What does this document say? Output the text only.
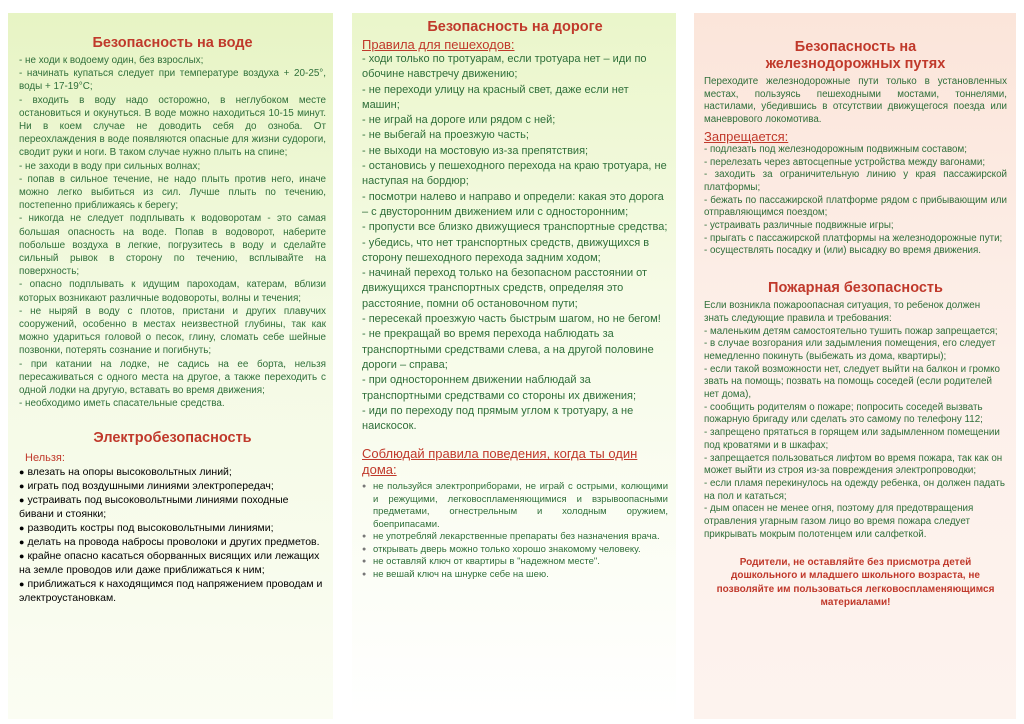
Безопасность на воде
- не ходи к водоему один, без взрослых;
- начинать купаться следует при температуре воздуха + 20-25°, воды + 17-19°С;
- входить в воду надо осторожно, в неглубоком месте остановиться и окунуться. В воде можно находиться 10-15 минут. Ни в коем случае не доводить себя до озноба. От переохлаждения в воде появляются опасные для жизни судороги, сводит руки и ноги. В таком случае нужно плыть на спине;
- не заходи в воду при сильных волнах;
- попав в сильное течение, не надо плыть против него, иначе можно легко выбиться из сил. Лучше плыть по течению, постепенно приближаясь к берегу;
- никогда не следует подплывать к водоворотам - это самая большая опасность на воде. Попав в водоворот, наберите побольше воздуха в легкие, погрузитесь в воду и сделайте сильный рывок в сторону по течению, всплывайте на поверхность;
- опасно подплывать к идущим пароходам, катерам, вблизи которых возникают различные водовороты, волны и течения;
- не ныряй в воду с плотов, пристани и других плавучих сооружений, особенно в местах неизвестной глубины, так как можно удариться головой о песок, глину, сломать себе шейные позвонки, потерять сознание и погибнуть;
- при катании на лодке, не садись на ее борта, нельзя пересаживаться с одного места на другое, а также переходить с одной лодки на другую, вставать во время движения;
- необходимо иметь спасательные средства.
Электробезопасность
Нельзя:
● влезать на опоры высоковольтных линий;
● играть под воздушными линиями электропередач;
● устраивать под высоковольтными линиями походные бивани и стоянки;
● разводить костры под высоковольтными линиями;
● делать на провода набросы проволоки и других предметов.
● крайне опасно касаться оборванных висящих или лежащих на земле проводов или даже приближаться к ним;
● приближаться к находящимся под напряжением проводам и электроустановкам.
Безопасность на дороге
Правила для пешеходов:
- ходи только по тротуарам, если тротуара нет – иди по обочине навстречу движению;
- не переходи улицу на красный свет, даже если нет машин;
- не играй на дороге или рядом с ней;
- не выбегай на проезжую часть;
- не выходи на мостовую из-за препятствия;
- остановись у пешеходного перехода на краю тротуара, не наступая на бордюр;
- посмотри налево и направо и определи: какая это дорога – с двусторонним движением или с односторонним;
- пропусти все близко движущиеся транспортные средства;
- убедись, что нет транспортных средств, движущихся в сторону пешеходного перехода задним ходом;
- начинай переход только на безопасном расстоянии от движущихся транспортных средств, определяя это расстояние, помни об остановочном пути;
- пересекай проезжую часть быстрым шагом, но не бегом!
- не прекращай во время перехода наблюдать за транспортными средствами слева, а на другой половине дороги – справа;
- при одностороннем движении наблюдай за транспортными средствами со стороны их движения;
- иди по переходу под прямым углом к тротуару, а не наискосок.
Соблюдай правила поведения, когда ты один дома:
● не пользуйся электроприборами, не играй с острыми, колющими и режущими, легковоспламеняющимися и взрывоопасными предметами, огнестрельным и холодным оружием, боеприпасами.
● не употребляй лекарственные препараты без назначения врача.
● открывать дверь можно только хорошо знакомому человеку.
● не оставляй ключ от квартиры в "надежном месте".
● не вешай ключ на шнурке себе на шею.
Безопасность на железнодорожных путях
Переходите железнодорожные пути только в установленных местах, пользуясь пешеходными мостами, тоннелями, настилами, убедившись в отсутствии движущегося поезда или маневрового локомотива.
Запрещается:
- подлезать под железнодорожным подвижным составом;
- перелезать через автосцепные устройства между вагонами;
- заходить за ограничительную линию у края пассажирской платформы;
- бежать по пассажирской платформе рядом с прибывающим или отправляющимся поездом;
- устраивать различные подвижные игры;
- прыгать с пассажирской платформы на железнодорожные пути;
- осуществлять посадку и (или) высадку во время движения.
Пожарная безопасность
Если возникла пожароопасная ситуация, то ребенок должен знать следующие правила и требования:
- маленьким детям самостоятельно тушить пожар запрещается;
- в случае возгорания или задымления помещения, его следует немедленно покинуть (выбежать из дома, квартиры);
- если такой возможности нет, следует выйти на балкон и громко звать на помощь; позвать на помощь соседей (если родителей нет дома),
- сообщить родителям о пожаре; попросить соседей вызвать пожарную бригаду или сделать это самому по телефону 112;
- запрещено прятаться в горящем или задымленном помещении под кроватями и в шкафах;
- запрещается пользоваться лифтом во время пожара, так как он может выйти из строя из-за повреждения электропроводки;
- если пламя перекинулось на одежду ребенка, он должен падать на пол и кататься;
- дым опасен не менее огня, поэтому для предотвращения отравления угарным газом лицо во время пожара следует прикрывать мокрым полотенцем или салфеткой.
Родители, не оставляйте без присмотра детей дошкольного и младшего школьного возраста, не позволяйте им пользоваться легковоспламеняющимся материалами!
